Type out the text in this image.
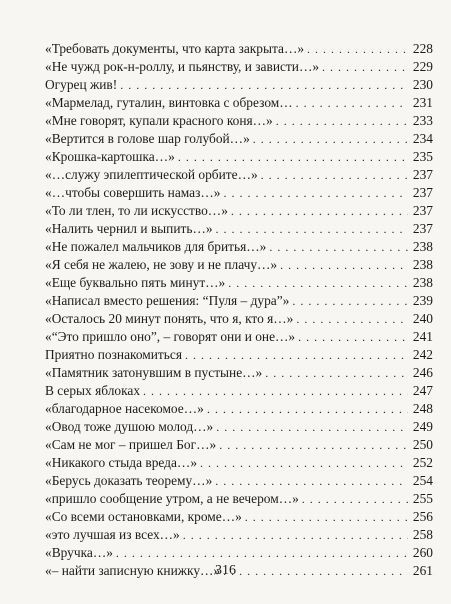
«Требовать документы, что карта закрыта…» . . .	228
«Не чужд рок-н-роллу, и пьянству, и зависти…» . . .	229
Огурец жив! . . .	230
«Мармелад, гуталин, винтовка с обрезом… . . .	231
«Мне говорят, купали красного коня…» . . .	233
«Вертится в голове шар голубой…» . . .	234
«Крошка-картошка…» . . .	235
«…служу эпилептической орбите…» . . .	237
«…чтобы совершить намаз…» . . .	237
«То ли тлен, то ли искусство…» . . .	237
«Налить чернил и выпить…» . . .	237
«Не пожалел мальчиков для бритья…» . . .	238
«Я себя не жалею, не зову и не плачу…» . . .	238
«Еще буквально пять минут…» . . .	238
«Написал вместо решения: “Пуля – дура”» . . .	239
«Осталось 20 минут понять, что я, кто я…» . . .	240
«“Это пришло оно”, – говорят они и оне…» . . .	241
Приятно познакомиться . . .	242
«Памятник затонувшим в пустыне…» . . .	246
В серых яблоках . . .	247
«благодарное насекомое…» . . .	248
«Овод тоже душою молод…» . . .	249
«Сам не мог – пришел Бог…» . . .	250
«Никакого стыда вреда…» . . .	252
«Берусь доказать теорему…» . . .	254
«пришло сообщение утром, а не вечером…» . . .	255
«Со всеми остановками, кроме…» . . .	256
«это лучшая из всех…» . . .	258
«Вручка…» . . .	260
«– найти записную книжку…» . . .	261
316
